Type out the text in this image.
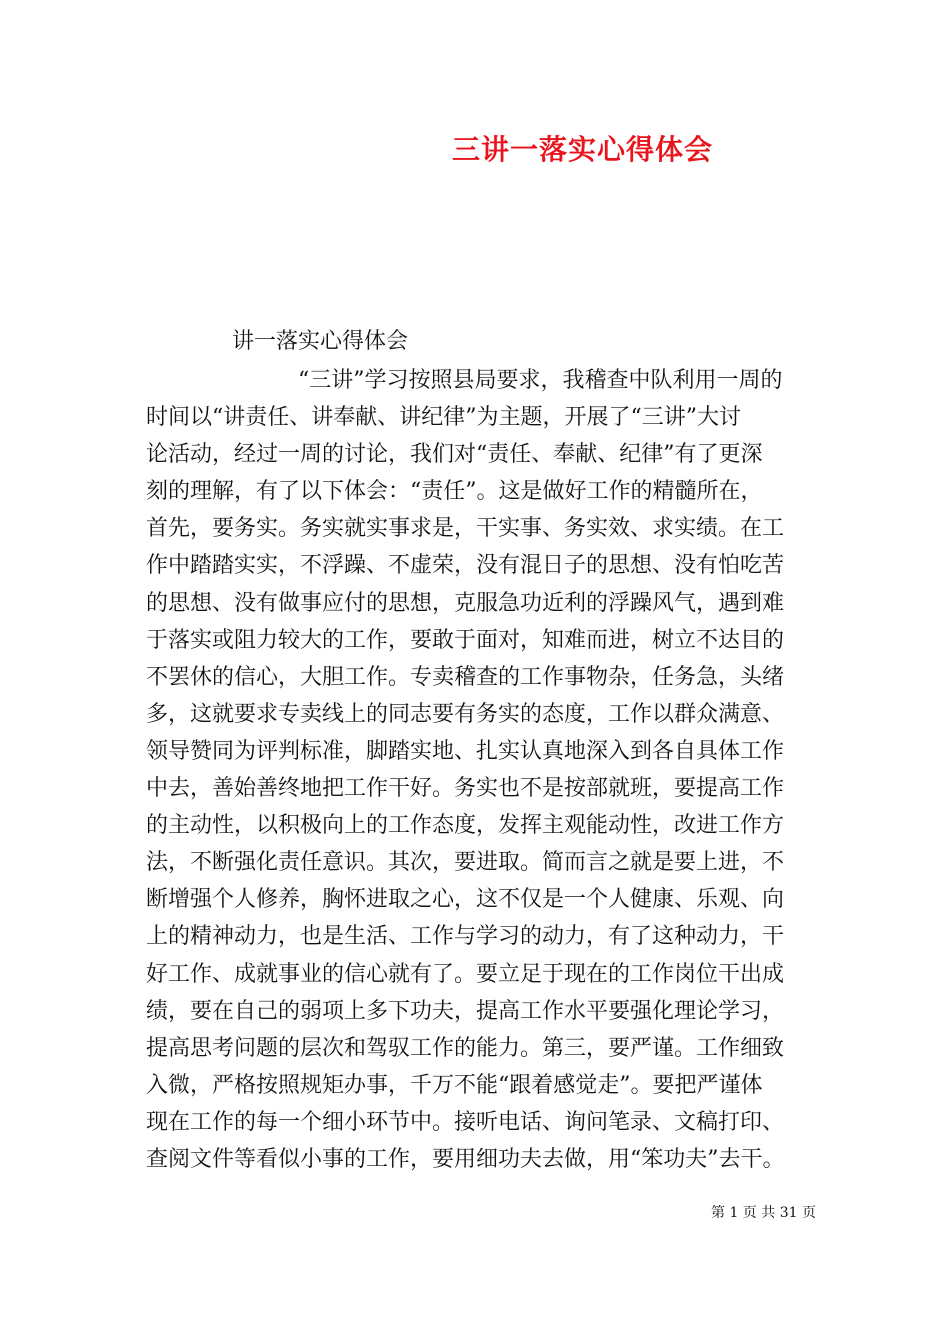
三讲一落实心得体会
讲一落实心得体会
“三讲”学习按照县局要求，我稽查中队利用一周的
时间以“讲责任、讲奉献、讲纪律”为主题，开展了“三讲”大讨
论活动，经过一周的讨论，我们对“责任、奉献、纪律”有了更深
刻的理解，有了以下体会：“责任”。这是做好工作的精髓所在，
首先，要务实。务实就实事求是，干实事、务实效、求实绩。在工
作中踏踏实实，不浮躁、不虚荣，没有混日子的思想、没有怕吃苦
的思想、没有做事应付的思想，克服急功近利的浮躁风气，遇到难
于落实或阻力较大的工作，要敢于面对，知难而进，树立不达目的
不罢休的信心，大胆工作。专卖稽查的工作事物杂，任务急，头绪
多，这就要求专卖线上的同志要有务实的态度，工作以群众满意、
领导赞同为评判标准，脚踏实地、扎实认真地深入到各自具体工作
中去，善始善终地把工作干好。务实也不是按部就班，要提高工作
的主动性，以积极向上的工作态度，发挥主观能动性，改进工作方
法，不断强化责任意识。其次，要进取。简而言之就是要上进，不
断增强个人修养，胸怀进取之心，这不仅是一个人健康、乐观、向
上的精神动力，也是生活、工作与学习的动力，有了这种动力，干
好工作、成就事业的信心就有了。要立足于现在的工作岗位干出成
绩，要在自己的弱项上多下功夫，提高工作水平要强化理论学习，
提高思考问题的层次和驾驭工作的能力。第三，要严谨。工作细致
入微，严格按照规矩办事，千万不能“跟着感觉走”。要把严谨体
现在工作的每一个细小环节中。接听电话、询问笔录、文稿打印、
查阅文件等看似小事的工作，要用细功夫去做，用“笨功夫”去干。
第 1 页 共 31 页
